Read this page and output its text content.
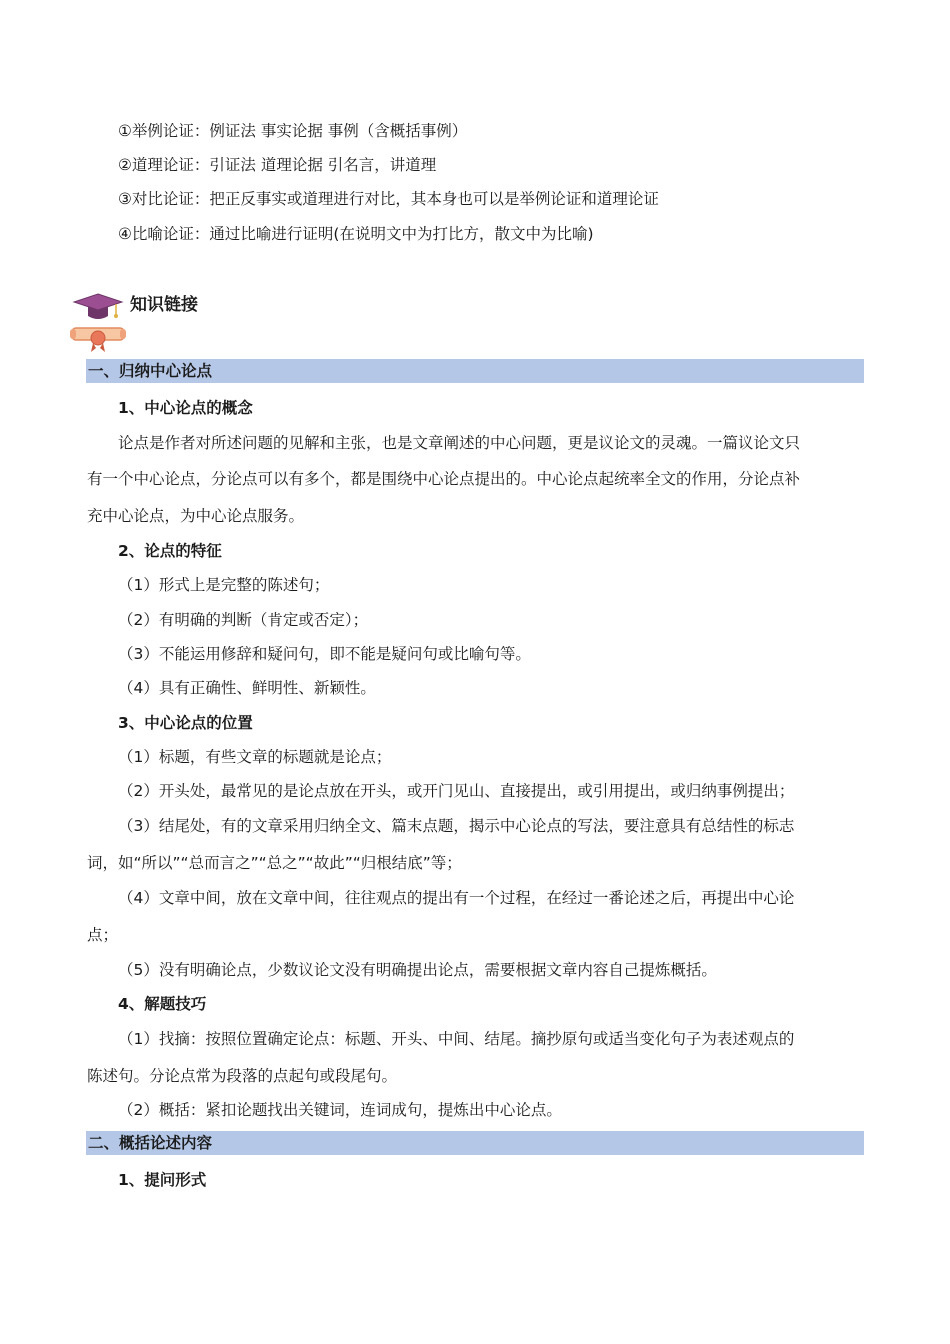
①举例论证：例证法 事实论据 事例（含概括事例）
②道理论证：引证法 道理论据 引名言，讲道理
③对比论证：把正反事实或道理进行对比，其本身也可以是举例论证和道理论证
④比喻论证：通过比喻进行证明(在说明文中为打比方，散文中为比喻)
知识链接
一、归纳中心论点
1、中心论点的概念
论点是作者对所述问题的见解和主张，也是文章阐述的中心问题，更是议论文的灵魂。一篇议论文只
有一个中心论点，分论点可以有多个，都是围绕中心论点提出的。中心论点起统率全文的作用，分论点补
充中心论点，为中心论点服务。
2、论点的特征
（1）形式上是完整的陈述句；
（2）有明确的判断（肯定或否定）；
（3）不能运用修辞和疑问句，即不能是疑问句或比喻句等。
（4）具有正确性、鲜明性、新颖性。
3、中心论点的位置
（1）标题，有些文章的标题就是论点；
（2）开头处，最常见的是论点放在开头，或开门见山、直接提出，或引用提出，或归纳事例提出；
（3）结尾处，有的文章采用归纳全文、篇末点题，揭示中心论点的写法，要注意具有总结性的标志
词，如“所以”“总而言之”“总之”“故此”“归根结底”等；
（4）文章中间，放在文章中间，往往观点的提出有一个过程，在经过一番论述之后，再提出中心论
点；
（5）没有明确论点，少数议论文没有明确提出论点，需要根据文章内容自己提炼概括。
4、解题技巧
（1）找摘：按照位置确定论点：标题、开头、中间、结尾。摘抄原句或适当变化句子为表述观点的
陈述句。分论点常为段落的点起句或段尾句。
（2）概括：紧扣论题找出关键词，连词成句，提炼出中心论点。
二、概括论述内容
1、提问形式
